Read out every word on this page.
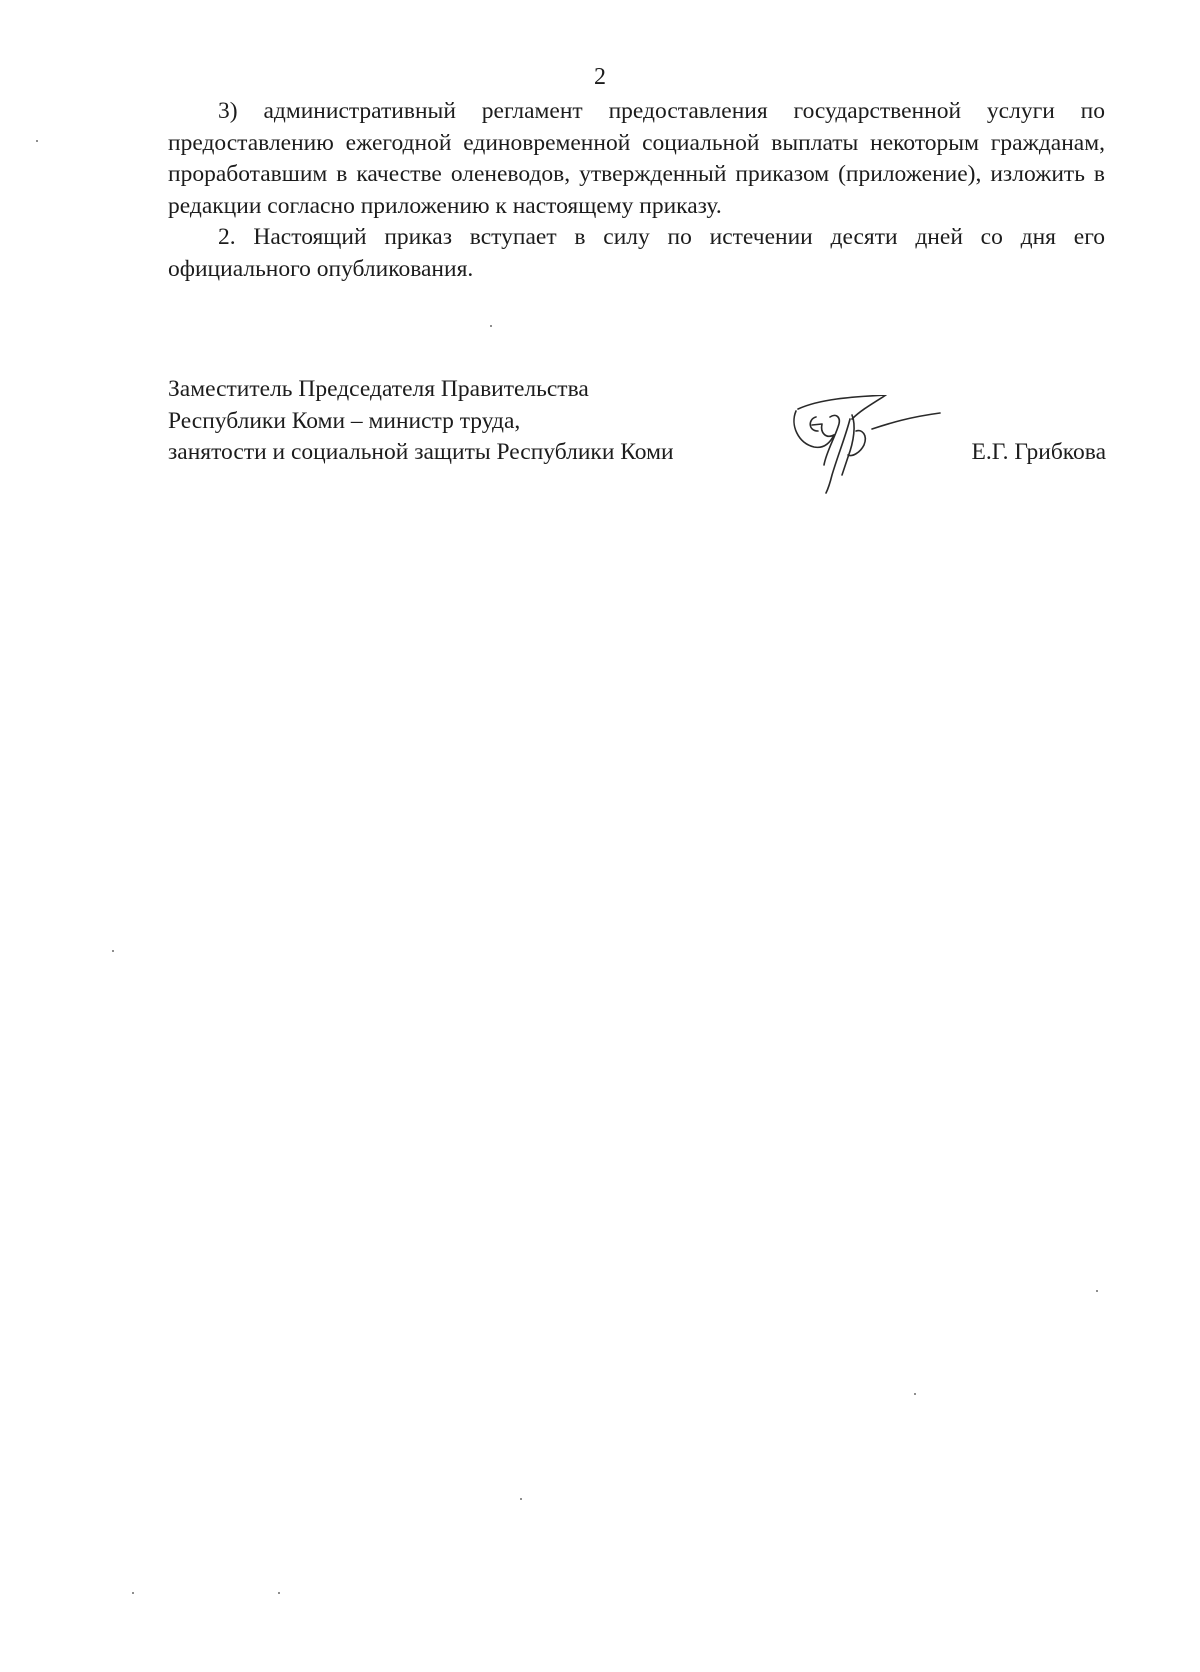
2

3) административный регламент предоставления государственной услуги по предоставлению ежегодной единовременной социальной выплаты некоторым гражданам, проработавшим в качестве оленеводов, утвержденный приказом (приложение), изложить в редакции согласно приложению к настоящему приказу.

2. Настоящий приказ вступает в силу по истечении десяти дней со дня его официального опубликования.

Заместитель Председателя Правительства
Республики Коми – министр труда,
занятости и социальной защиты Республики Коми	Е.Г. Грибкова
